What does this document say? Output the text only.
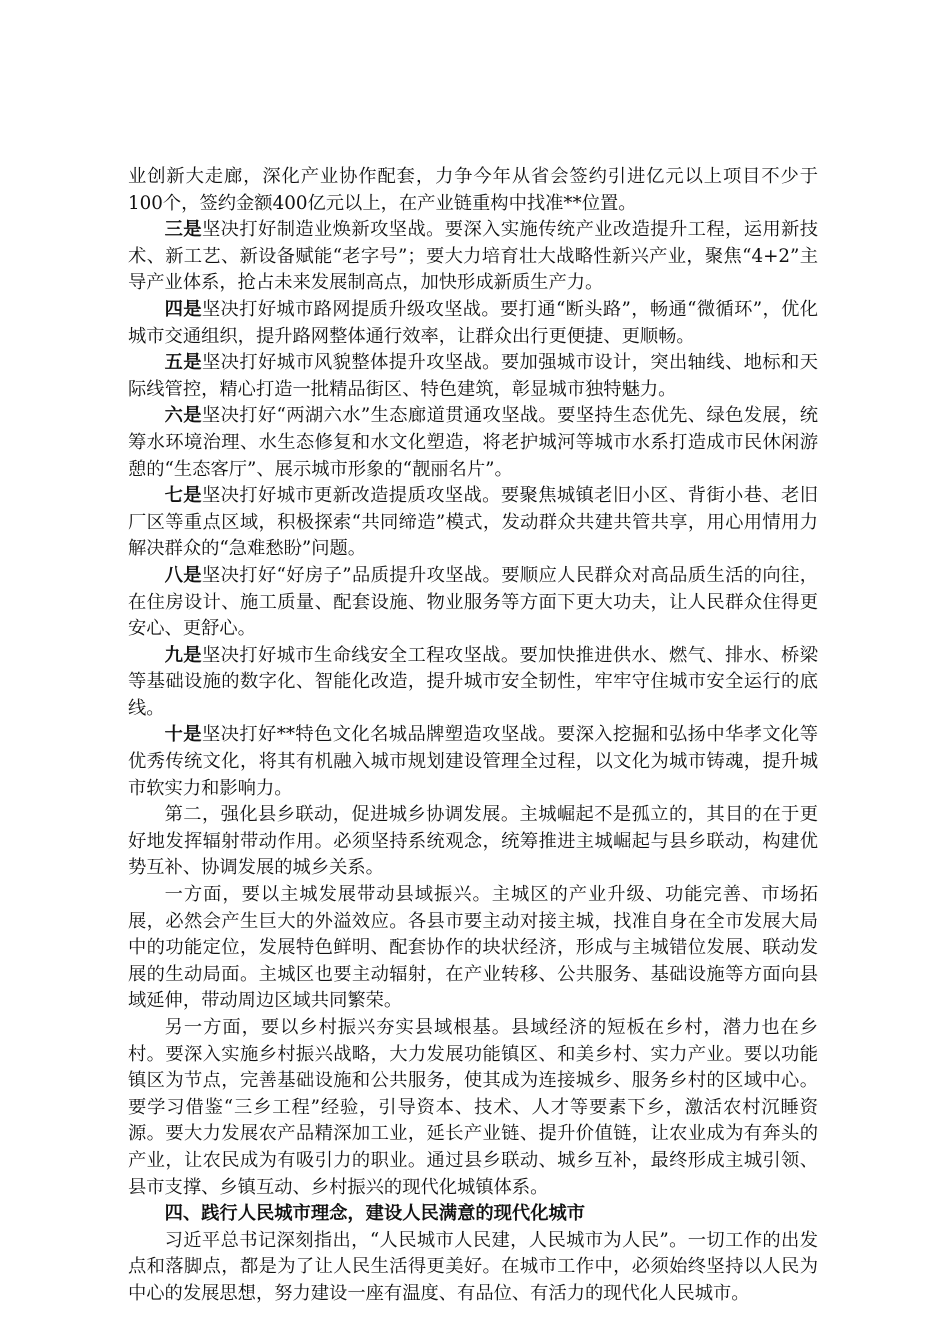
业创新大走廊，深化产业协作配套，力争今年从省会签约引进亿元以上项目不少于100个，签约金额400亿元以上，在产业链重构中找准**位置。

三是坚决打好制造业焕新攻坚战。要深入实施传统产业改造提升工程，运用新技术、新工艺、新设备赋能“老字号”；要大力培育壮大战略性新兴产业，聚焦“4+2”主导产业体系，抢占未来发展制高点，加快形成新质生产力。

四是坚决打好城市路网提质升级攻坚战。要打通“断头路”，畅通“微循环”，优化城市交通组织，提升路网整体通行效率，让群众出行更便捷、更顺畅。

五是坚决打好城市风貌整体提升攻坚战。要加强城市设计，突出轴线、地标和天际线管控，精心打造一批精品街区、特色建筑，彰显城市独特魅力。

六是坚决打好“两湖六水”生态廊道贯通攻坚战。要坚持生态优先、绿色发展，统筹水环境治理、水生态修复和水文化塑造，将老护城河等城市水系打造成市民休闲游憩的“生态客厅”、展示城市形象的“靓丽名片”。

七是坚决打好城市更新改造提质攻坚战。要聚焦城镇老旧小区、背街小巷、老旧厂区等重点区域，积极探索“共同缔造”模式，发动群众共建共管共享，用心用情用力解决群众的“急难愁盼”问题。

八是坚决打好“好房子”品质提升攻坚战。要顺应人民群众对高品质生活的向往，在住房设计、施工质量、配套设施、物业服务等方面下更大功夫，让人民群众住得更安心、更舒心。

九是坚决打好城市生命线安全工程攻坚战。要加快推进供水、燃气、排水、桥梁等基础设施的数字化、智能化改造，提升城市安全韧性，牢牢守住城市安全运行的底线。

十是坚决打好**特色文化名城品牌塑造攻坚战。要深入挖掘和弘扬中华孝文化等优秀传统文化，将其有机融入城市规划建设管理全过程，以文化为城市铸魂，提升城市软实力和影响力。

第二，强化县乡联动，促进城乡协调发展。主城崛起不是孤立的，其目的在于更好地发挥辐射带动作用。必须坚持系统观念，统筹推进主城崛起与县乡联动，构建优势互补、协调发展的城乡关系。

一方面，要以主城发展带动县域振兴。主城区的产业升级、功能完善、市场拓展，必然会产生巨大的外溢效应。各县市要主动对接主城，找准自身在全市发展大局中的功能定位，发展特色鲜明、配套协作的块状经济，形成与主城错位发展、联动发展的生动局面。主城区也要主动辐射，在产业转移、公共服务、基础设施等方面向县域延伸，带动周边区域共同繁荣。

另一方面，要以乡村振兴夯实县域根基。县域经济的短板在乡村，潜力也在乡村。要深入实施乡村振兴战略，大力发展功能镇区、和美乡村、实力产业。要以功能镇区为节点，完善基础设施和公共服务，使其成为连接城乡、服务乡村的区域中心。要学习借鉴“三乡工程”经验，引导资本、技术、人才等要素下乡，激活农村沉睡资源。要大力发展农产品精深加工业，延长产业链、提升价值链，让农业成为有奔头的产业，让农民成为有吸引力的职业。通过县乡联动、城乡互补，最终形成主城引领、县市支撑、乡镇互动、乡村振兴的现代化城镇体系。

四、践行人民城市理念，建设人民满意的现代化城市

习近平总书记深刻指出，“人民城市人民建，人民城市为人民”。一切工作的出发点和落脚点，都是为了让人民生活得更美好。在城市工作中，必须始终坚持以人民为中心的发展思想，努力建设一座有温度、有品位、有活力的现代化人民城市。
